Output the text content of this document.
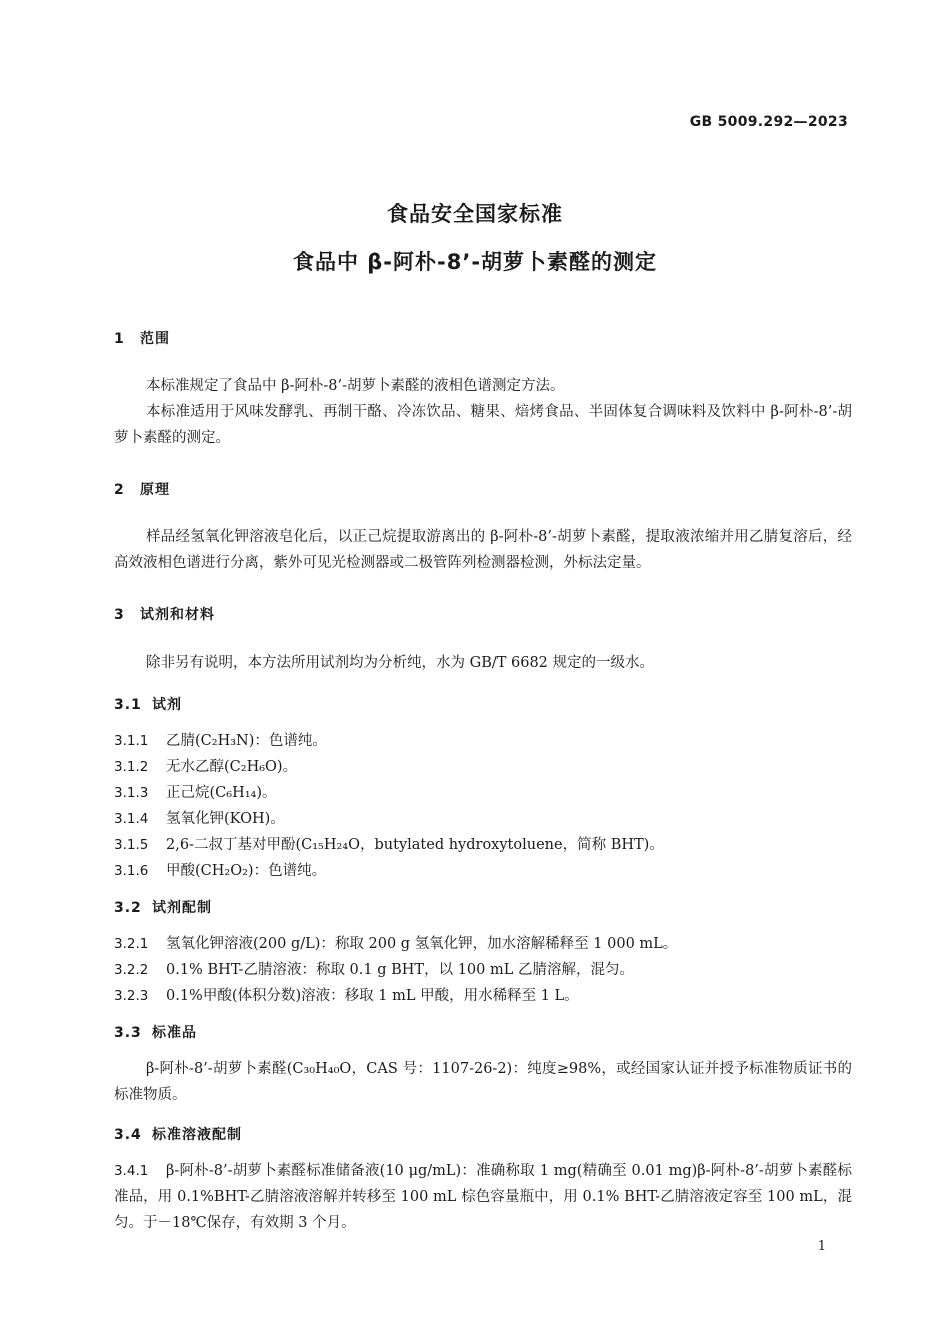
GB 5009.292—2023
食品安全国家标准
食品中 β-阿朴-8’-胡萝卜素醛的测定
1 范围
本标准规定了食品中 β-阿朴-8’-胡萝卜素醛的液相色谱测定方法。
本标准适用于风味发酵乳、再制干酪、冷冻饮品、糖果、焙烤食品、半固体复合调味料及饮料中 β-阿朴-8’-胡萝卜素醛的测定。
2 原理
样品经氢氧化钾溶液皂化后，以正己烷提取游离出的 β-阿朴-8’-胡萝卜素醛，提取液浓缩并用乙腈复溶后，经高效液相色谱进行分离，紫外可见光检测器或二极管阵列检测器检测，外标法定量。
3 试剂和材料
除非另有说明，本方法所用试剂均为分析纯，水为 GB/T 6682 规定的一级水。
3.1 试剂
3.1.1 乙腈(C₂H₃N)：色谱纯。
3.1.2 无水乙醇(C₂H₆O)。
3.1.3 正己烷(C₆H₁₄)。
3.1.4 氢氧化钾(KOH)。
3.1.5 2,6-二叔丁基对甲酚(C₁₅H₂₄O，butylated hydroxytoluene，简称 BHT)。
3.1.6 甲酸(CH₂O₂)：色谱纯。
3.2 试剂配制
3.2.1 氢氧化钾溶液(200 g/L)：称取 200 g 氢氧化钾，加水溶解稀释至 1 000 mL。
3.2.2 0.1% BHT-乙腈溶液：称取 0.1 g BHT，以 100 mL 乙腈溶解，混匀。
3.2.3 0.1%甲酸(体积分数)溶液：移取 1 mL 甲酸，用水稀释至 1 L。
3.3 标准品
β-阿朴-8’-胡萝卜素醛(C₃₀H₄₀O，CAS 号：1107-26-2)：纯度≥98%，或经国家认证并授予标准物质证书的标准物质。
3.4 标准溶液配制
3.4.1 β-阿朴-8’-胡萝卜素醛标准储备液(10 μg/mL)：准确称取 1 mg(精确至 0.01 mg)β-阿朴-8’-胡萝卜素醛标准品，用 0.1%BHT-乙腈溶液溶解并转移至 100 mL 棕色容量瓶中，用 0.1% BHT-乙腈溶液定容至 100 mL，混匀。于－18℃保存，有效期 3 个月。
1
